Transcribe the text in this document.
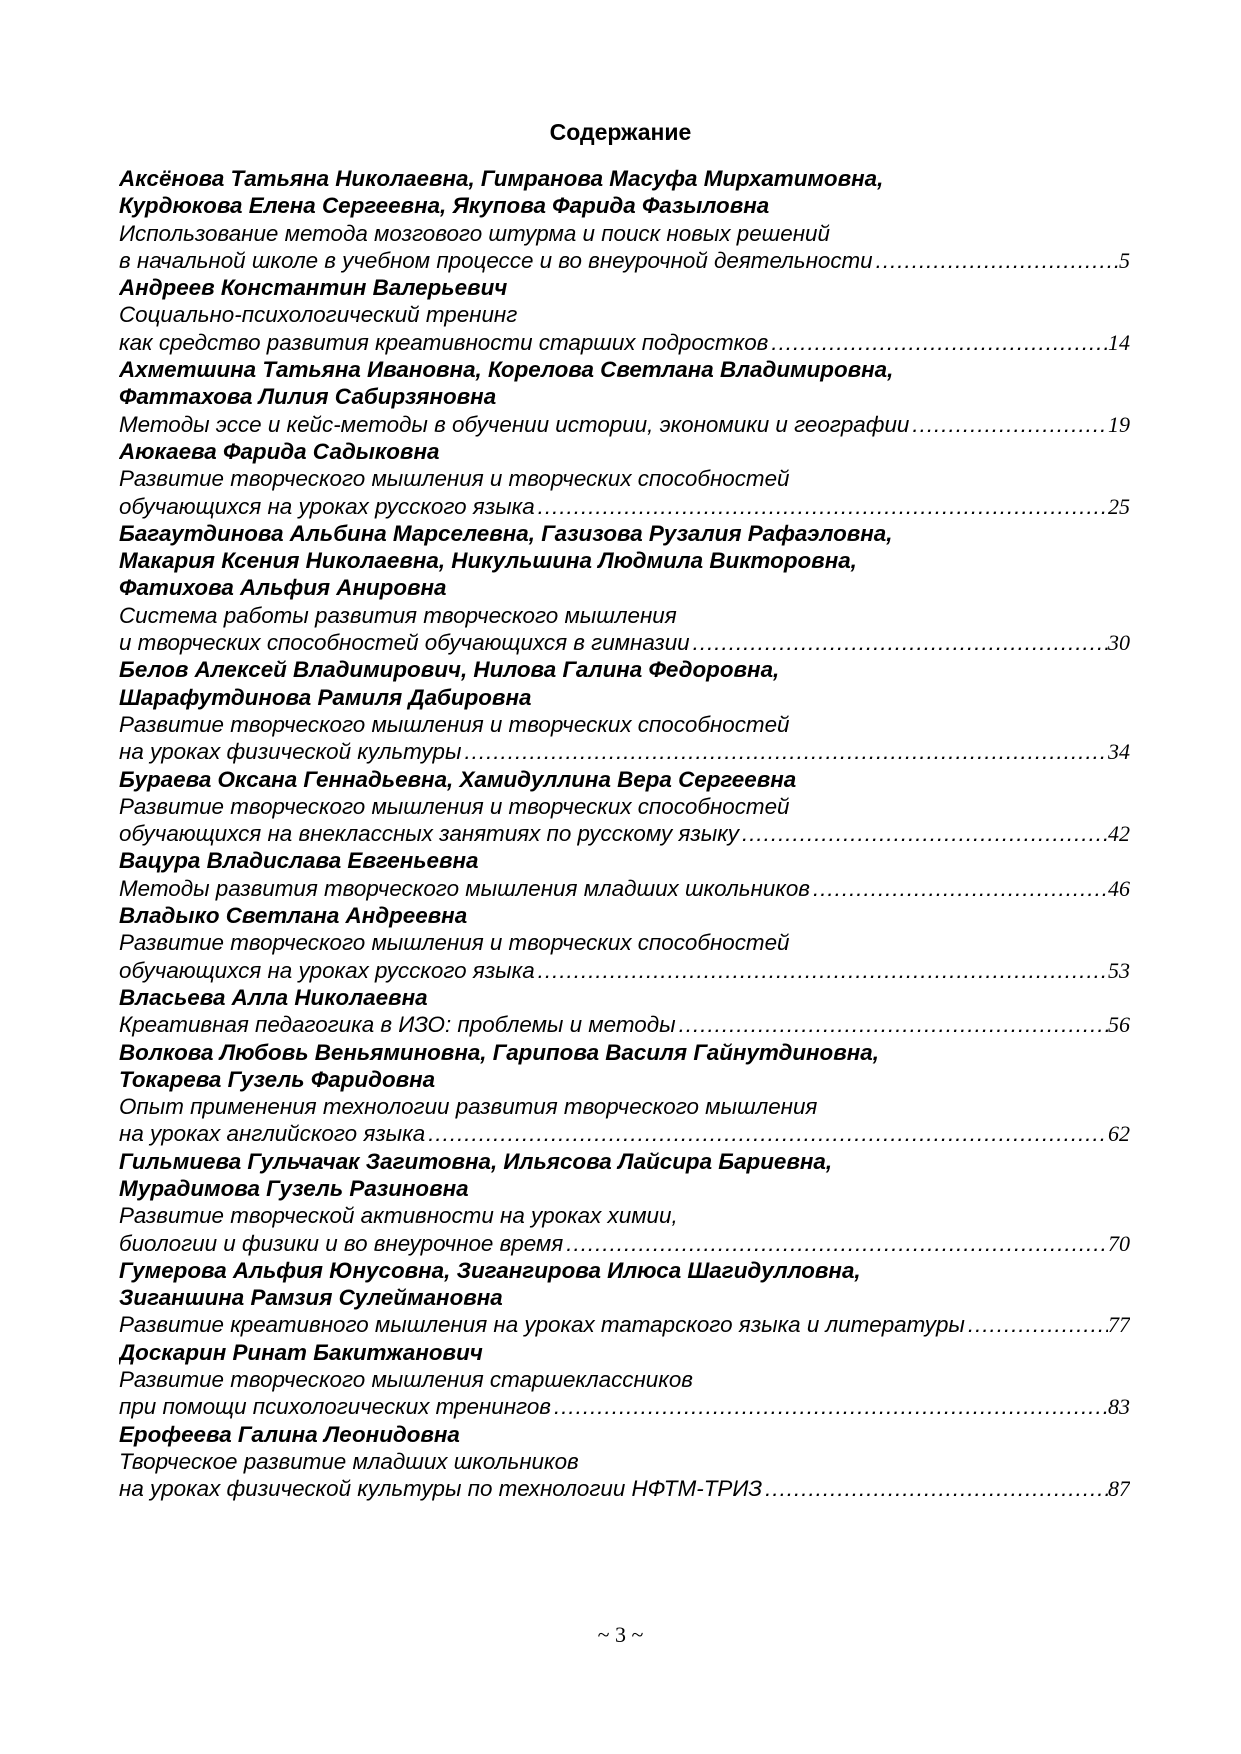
Содержание
Аксёнова Татьяна Николаевна, Гимранова Масуфа Мирхатимовна,
Курдюкова Елена Сергеевна, Якупова Фарида Фазыловна
Использование метода мозгового штурма и поиск новых решений
в начальной школе в учебном процессе и во внеурочной деятельности .....	5
Андреев Константин Валерьевич
Социально-психологический тренинг
как средство развития креативности старших подростков .....	14
Ахметшина Татьяна Ивановна, Корелова Светлана Владимировна,
Фаттахова Лилия Сабирзяновна
Методы эссе и кейс-методы в обучении истории, экономики и географии .....	19
Аюкаева Фарида Садыковна
Развитие творческого мышления и творческих способностей
обучающихся на уроках русского языка .....	25
Багаутдинова Альбина Марселевна, Газизова Рузалия Рафаэловна,
Макария Ксения Николаевна, Никульшина Людмила Викторовна,
Фатихова Альфия Анировна
Система работы развития творческого мышления
и творческих способностей обучающихся в гимназии .....	30
Белов Алексей Владимирович, Нилова Галина Федоровна,
Шарафутдинова Рамиля Дабировна
Развитие творческого мышления и творческих способностей
на уроках физической культуры .....	34
Бураева Оксана Геннадьевна, Хамидуллина Вера Сергеевна
Развитие творческого мышления и творческих способностей
обучающихся на внеклассных занятиях по русскому языку .....	42
Вацура Владислава Евгеньевна
Методы развития творческого мышления младших школьников .....	46
Владыко Светлана Андреевна
Развитие творческого мышления и творческих способностей
обучающихся на уроках русского языка .....	53
Власьева Алла Николаевна
Креативная педагогика в ИЗО: проблемы и методы .....	56
Волкова Любовь Веньяминовна, Гарипова Василя Гайнутдиновна,
Токарева Гузель Фаридовна
Опыт применения технологии развития творческого мышления
на уроках английского языка .....	62
Гильмиева Гульчачак Загитовна, Ильясова Лайсира Бариевна,
Мурадимова Гузель Разиновна
Развитие творческой активности на уроках химии,
биологии и физики и во внеурочное время .....	70
Гумерова Альфия Юнусовна, Зигангирова Илюса Шагидулловна,
Зиганшина Рамзия Сулеймановна
Развитие креативного мышления на уроках татарского языка и литературы .....	77
Доскарин Ринат Бакитжанович
Развитие творческого мышления старшеклассников
при помощи психологических тренингов .....	83
Ерофеева Галина Леонидовна
Творческое развитие младших школьников
на уроках физической культуры по технологии НФТМ-ТРИЗ .....	87
~ 3 ~
